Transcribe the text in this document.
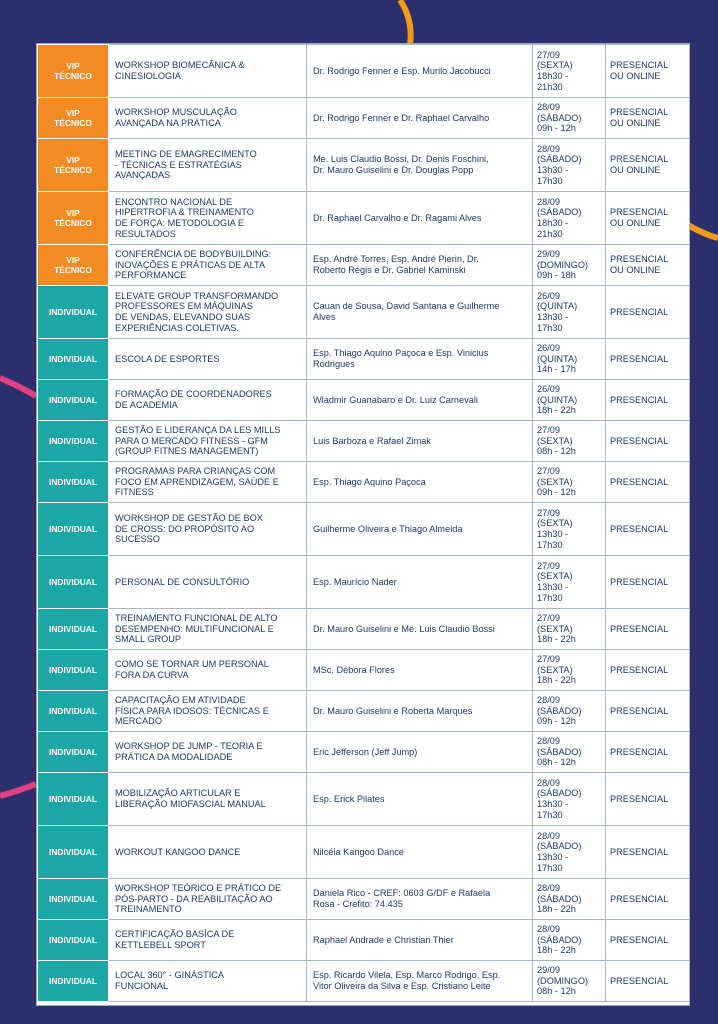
VIP
TÉCNICO	WORKSHOP BIOMECÂNICA &
CINESIOLOGIA	Dr. Rodrigo Fenner e Esp. Murilo Jacobucci	27/09
(SEXTA)
18h30 -
21h30	PRESENCIAL
OU ONLINE
VIP
TÉCNICO	WORKSHOP MUSCULAÇÃO
AVANÇADA NA PRÁTICA	Dr. Rodrigo Fenner e Dr. Raphael Carvalho	28/09
(SÁBADO)
09h - 12h	PRESENCIAL
OU ONLINE
VIP
TÉCNICO	MEETING DE EMAGRECIMENTO
- TÉCNICAS E ESTRATÉGIAS
AVANÇADAS	Me. Luis Claudio Bossi, Dr. Denis Foschini,
Dr. Mauro Guiselini e Dr. Douglas Popp	28/09
(SÁBADO)
13h30 -
17h30	PRESENCIAL
OU ONLINE
VIP
TÉCNICO	ENCONTRO NACIONAL DE
HIPERTROFIA & TREINAMENTO
DE FORÇA: METODOLOGIA E
RESULTADOS	Dr. Raphael Carvalho e Dr. Ragami Alves	28/09
(SÁBADO)
18h30 -
21h30	PRESENCIAL
OU ONLINE
VIP
TÉCNICO	CONFERÊNCIA DE BODYBUILDING:
INOVAÇÕES E PRÁTICAS DE ALTA
PERFORMANCE	Esp. André Torres, Esp. André Pierin, Dr.
Roberto Régis e Dr. Gabriel Kaminski	29/09
(DOMINGO)
09h - 18h	PRESENCIAL
OU ONLINE
INDIVIDUAL	ELEVATE GROUP TRANSFORMANDO
PROFESSORES EM MÁQUINAS
DE VENDAS, ELEVANDO SUAS
EXPERIÊNCIAS COLETIVAS.	Cauan de Sousa, David Santana e Guilherme
Alves	26/09
(QUINTA)
13h30 -
17h30	PRESENCIAL
INDIVIDUAL	ESCOLA DE ESPORTES	Esp. Thiago Aquino Paçoca e Esp. Vinicius
Rodrigues	26/09
(QUINTA)
14h - 17h	PRESENCIAL
INDIVIDUAL	FORMAÇÃO DE COORDENADORES
DE ACADEMIA	Wladmir Guanabaro e Dr. Luiz Carnevali	26/09
(QUINTA)
18h - 22h	PRESENCIAL
INDIVIDUAL	GESTÃO E LIDERANÇA DA LES MILLS
PARA O MERCADO FITNESS - GFM
(GROUP FITNES MANAGEMENT)	Luis Barboza e Rafael Zimak	27/09
(SEXTA)
08h - 12h	PRESENCIAL
INDIVIDUAL	PROGRAMAS PARA CRIANÇAS COM
FOCO EM APRENDIZAGEM, SAÚDE E
FITNESS	Esp. Thiago Aquino Paçoca	27/09
(SEXTA)
09h - 12h	PRESENCIAL
INDIVIDUAL	WORKSHOP DE GESTÃO DE BOX
DE CROSS: DO PROPÓSITO AO
SUCESSO	Guilherme Oliveira e Thiago Almeida	27/09
(SEXTA)
13h30 -
17h30	PRESENCIAL
INDIVIDUAL	PERSONAL DE CONSULTÓRIO	Esp. Maurício Nader	27/09
(SEXTA)
13h30 -
17h30	PRESENCIAL
INDIVIDUAL	TREINAMENTO FUNCIONAL DE ALTO
DESEMPENHO: MULTIFUNCIONAL E
SMALL GROUP	Dr. Mauro Guiselini e Me. Luis Claudio Bossi	27/09
(SEXTA)
18h - 22h	PRESENCIAL
INDIVIDUAL	COMO SE TORNAR UM PERSONAL
FORA DA CURVA	MSc. Débora Flores	27/09
(SEXTA)
18h - 22h	PRESENCIAL
INDIVIDUAL	CAPACITAÇÃO EM ATIVIDADE
FÍSICA PARA IDOSOS: TÉCNICAS E
MERCADO	Dr. Mauro Guiselini e Roberta Marques	28/09
(SÁBADO)
09h - 12h	PRESENCIAL
INDIVIDUAL	WORKSHOP DE JUMP - TEORIA E
PRÁTICA DA MODALIDADE	Eric Jefferson (Jeff Jump)	28/09
(SÁBADO)
08h - 12h	PRESENCIAL
INDIVIDUAL	MOBILIZAÇÃO ARTICULAR E
LIBERAÇÃO MIOFASCIAL MANUAL	Esp. Erick Pilates	28/09
(SÁBADO)
13h30 -
17h30	PRESENCIAL
INDIVIDUAL	WORKOUT KANGOO DANCE	Nilcéia Kangoo Dance	28/09
(SÁBADO)
13h30 -
17h30	PRESENCIAL
INDIVIDUAL	WORKSHOP TEÓRICO E PRÁTICO DE
PÓS-PARTO - DA REABILITAÇÃO AO
TREINAMENTO	Daniela Rico - CREF: 0603 G/DF e Rafaela
Rosa - Crefito: 74.435	28/09
(SÁBADO)
18h - 22h	PRESENCIAL
INDIVIDUAL	CERTIFICAÇÃO BASÍCA DE
KETTLEBELL SPORT	Raphael Andrade e Christian Thier	28/09
(SÁBADO)
18h - 22h	PRESENCIAL
INDIVIDUAL	LOCAL 360° - GINÁSTICA
FUNCIONAL	Esp. Ricardo Vilela, Esp. Marco Rodrigo, Esp.
Vitor Oliveira da Silva e Esp. Cristiano Leite	29/09
(DOMINGO)
08h - 12h	PRESENCIAL
